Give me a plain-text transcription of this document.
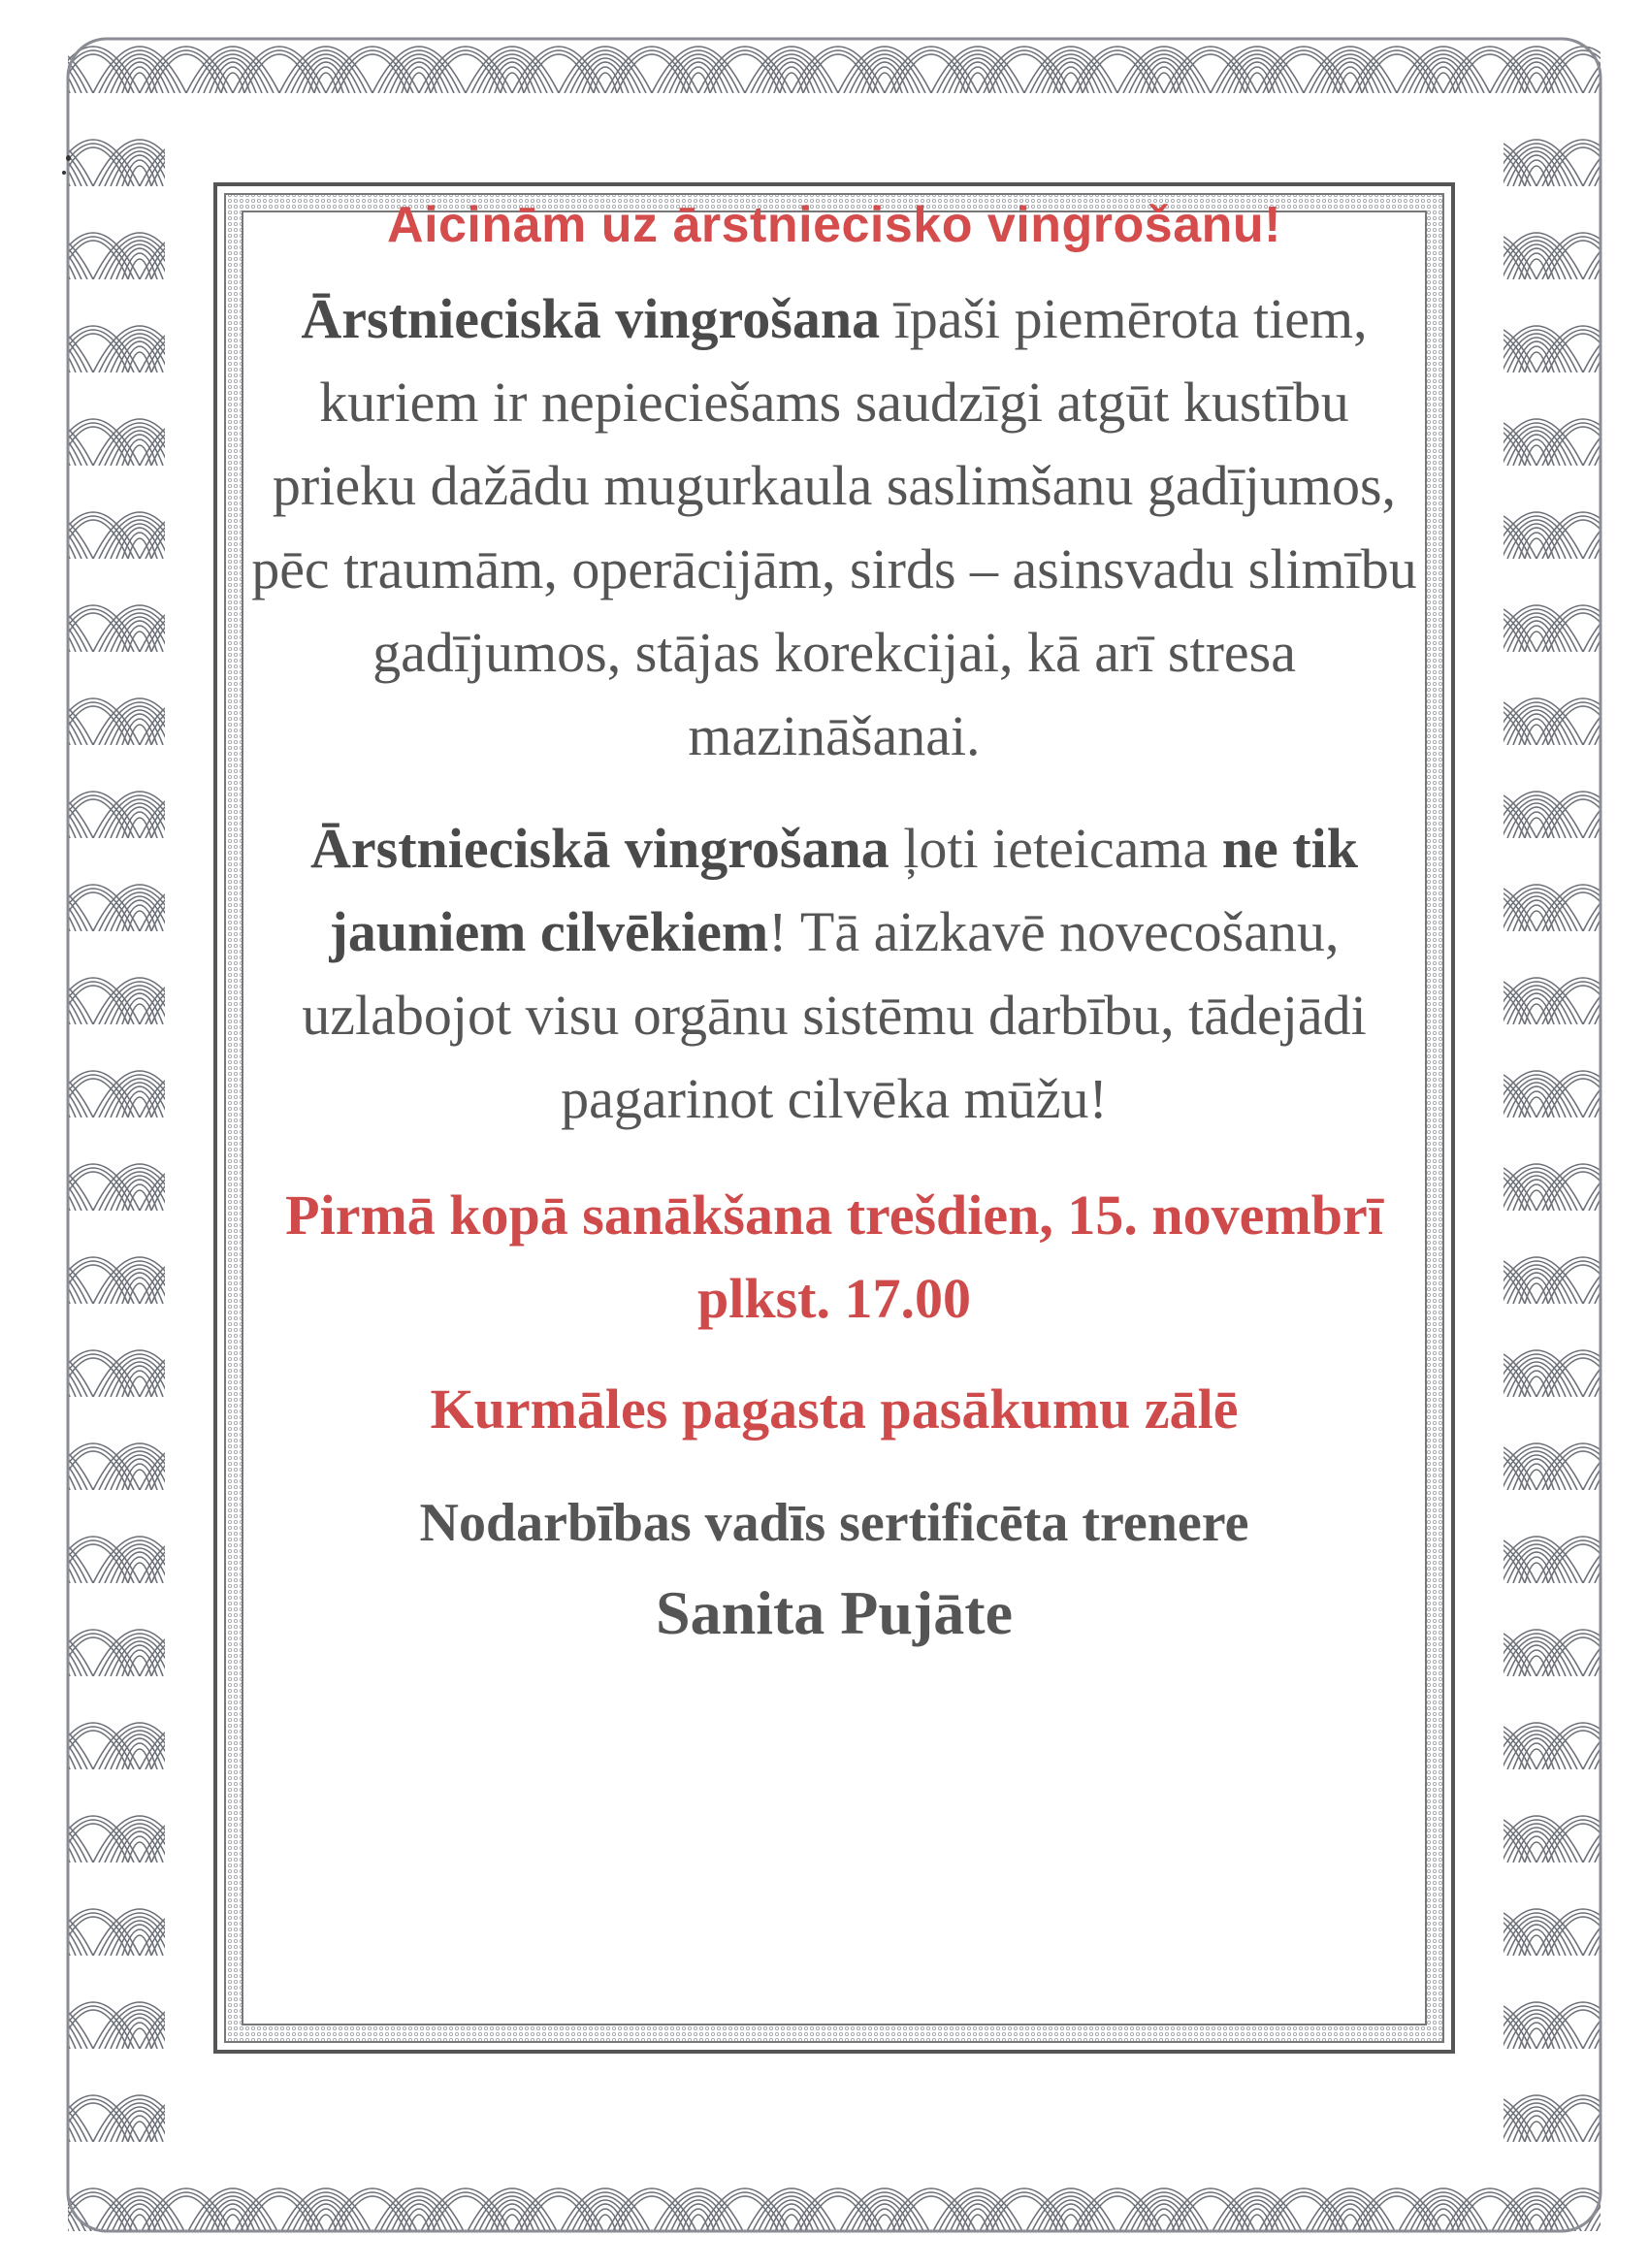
Aicinām uz ārstniecisko vingrošanu!

Ārstnieciskā vingrošana īpaši piemērota tiem, kuriem ir nepieciešams saudzīgi atgūt kustību prieku dažādu mugurkaula saslimšanu gadījumos, pēc traumām, operācijām, sirds – asinsvadu slimību gadījumos, stājas korekcijai, kā arī stresa mazināšanai.

Ārstnieciskā vingrošana ļoti ieteicama ne tik jauniem cilvēkiem! Tā aizkavē novecošanu, uzlabojot visu orgānu sistēmu darbību, tādejādi pagarinot cilvēka mūžu!

Pirmā kopā sanākšana trešdien, 15. novembrī plkst. 17.00

Kurmāles pagasta pasākumu zālē

Nodarbības vadīs sertificēta trenere

Sanita Pujāte
